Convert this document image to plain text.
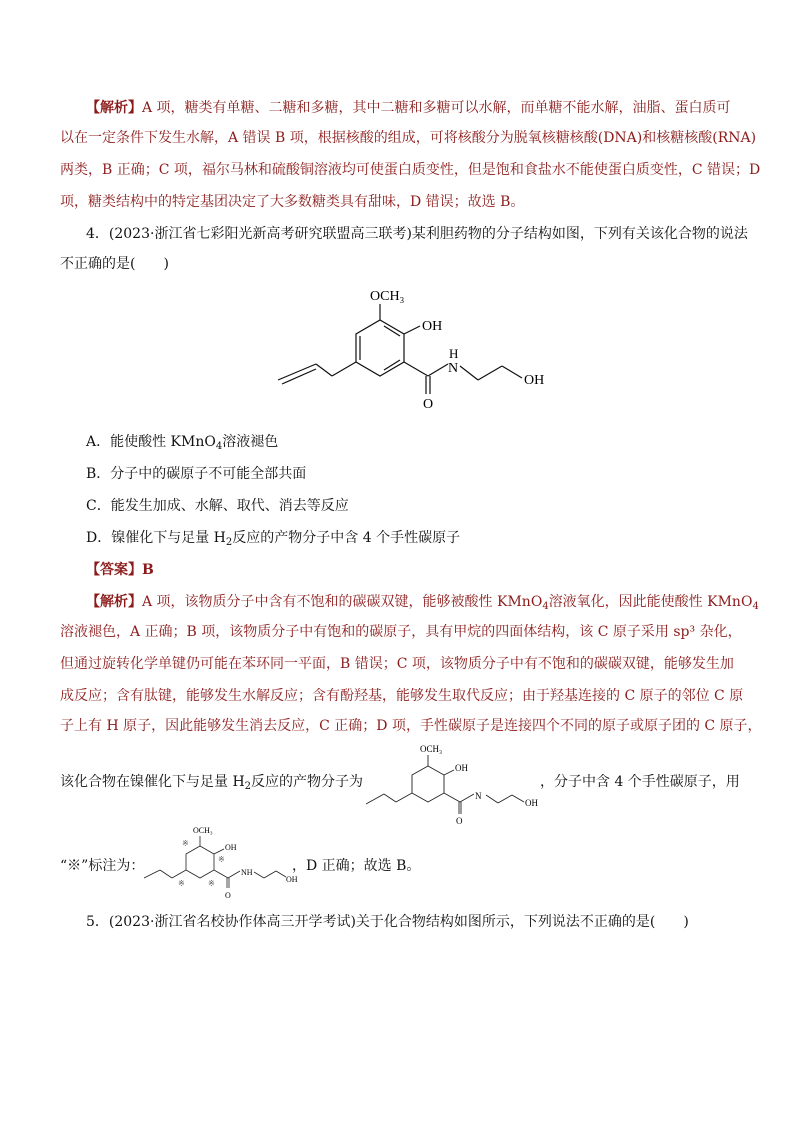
【解析】A 项，糖类有单糖、二糖和多糖，其中二糖和多糖可以水解，而单糖不能水解，油脂、蛋白质可
以在一定条件下发生水解，A 错误 B 项，根据核酸的组成，可将核酸分为脱氧核糖核酸(DNA)和核糖核酸(RNA)
两类，B 正确；C 项，福尔马林和硫酸铜溶液均可使蛋白质变性，但是饱和食盐水不能使蛋白质变性，C 错误；D
项，糖类结构中的特定基团决定了大多数糖类具有甜味，D 错误；故选 B。
4．(2023·浙江省七彩阳光新高考研究联盟高三联考)某利胆药物的分子结构如图，下列有关该化合物的说法
不正确的是(　　)
OCH₃
OH
H
N
O
OH
A．能使酸性 KMnO$_4$溶液褪色
B．分子中的碳原子不可能全部共面
C．能发生加成、水解、取代、消去等反应
D．镍催化下与足量 $H_2$反应的产物分子中含 4 个手性碳原子
【答案】B
【解析】A 项，该物质分子中含有不饱和的碳碳双键，能够被酸性 KMnO$_4$溶液氧化，因此能使酸性 KMnO$_4$
溶液褪色，A 正确；B 项，该物质分子中有饱和的碳原子，具有甲烷的四面体结构，该 C 原子采用 sp³ 杂化，
但通过旋转化学单键仍可能在苯环同一平面，B 错误；C 项，该物质分子中有不饱和的碳碳双键，能够发生加
成反应；含有肽键，能够发生水解反应；含有酚羟基，能够发生取代反应；由于羟基连接的 C 原子的邻位 C 原
子上有 H 原子，因此能够发生消去反应，C 正确；D 项，手性碳原子是连接四个不同的原子或原子团的 C 原子，
OCH₃
OH
N
O
OH
该化合物在镍催化下与足量 $H_2$反应的产物分子为	，分子中含 4 个手性碳原子，用
OCH₃
OH
NH
O
OH
※
※
※	※
“※”标注为：	，D 正确；故选 B。
5．(2023·浙江省名校协作体高三开学考试)关于化合物结构如图所示，下列说法不正确的是(　　)
